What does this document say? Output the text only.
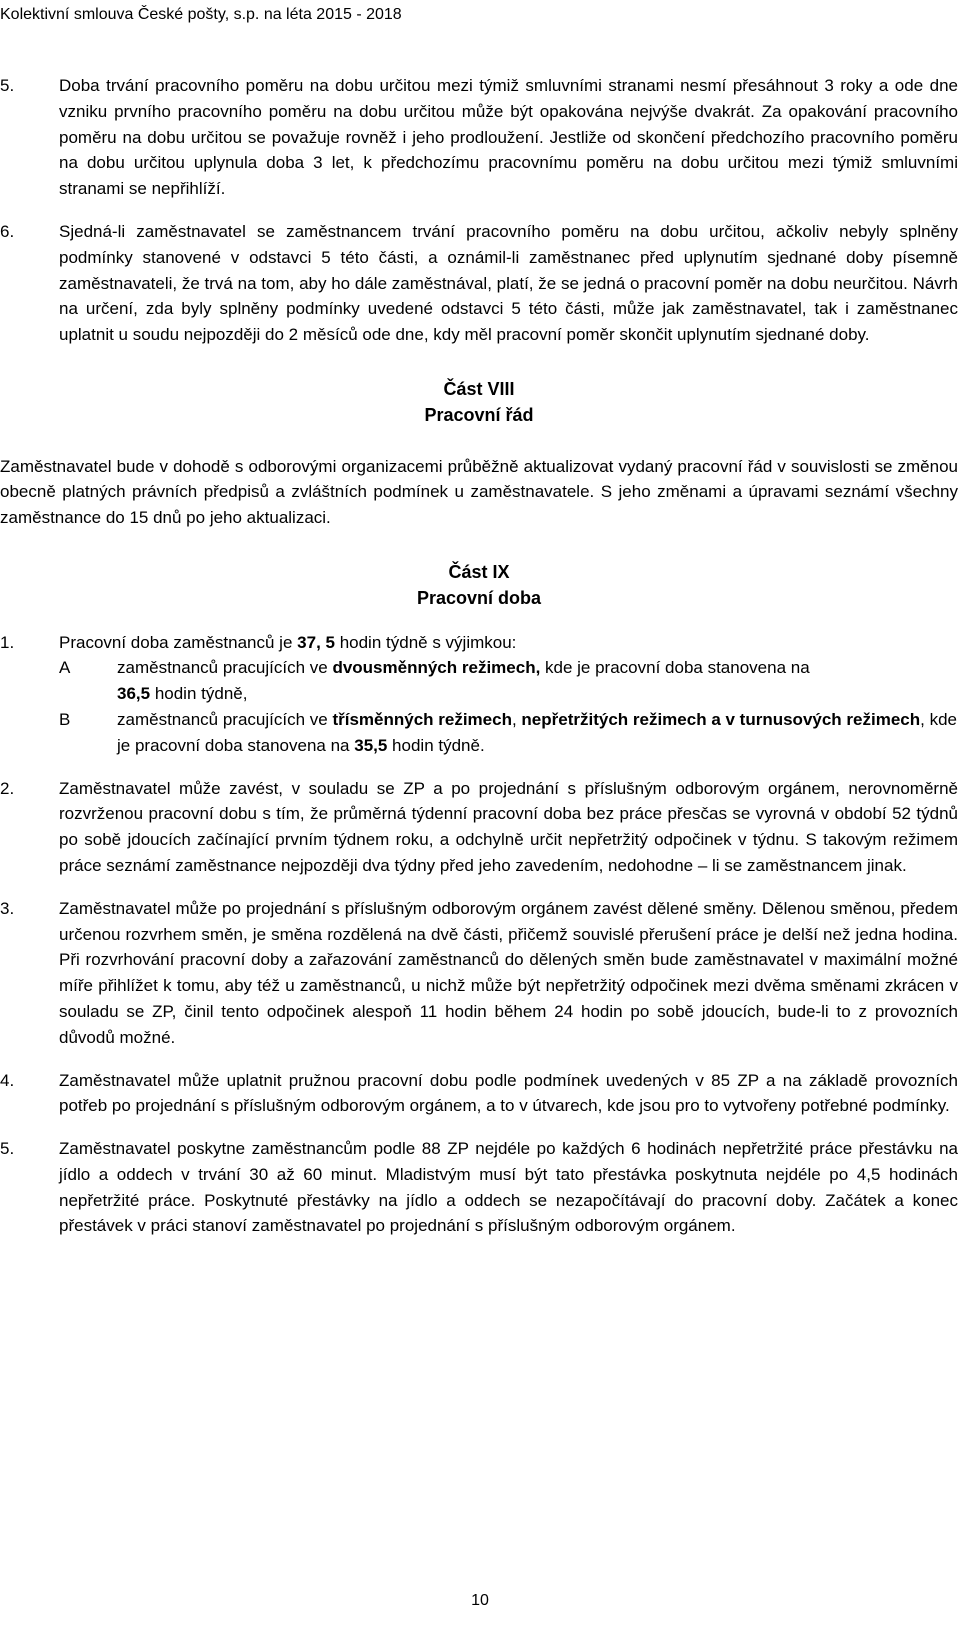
Kolektivní smlouva České pošty, s.p. na léta 2015 - 2018
5.	Doba trvání pracovního poměru na dobu určitou mezi týmiž smluvními stranami nesmí přesáhnout 3 roky a ode dne vzniku prvního pracovního poměru na dobu určitou může být opakována nejvýše dvakrát. Za opakování pracovního poměru na dobu určitou se považuje rovněž i jeho prodloužení. Jestliže od skončení předchozího pracovního poměru na dobu určitou uplynula doba 3 let, k předchozímu pracovnímu poměru na dobu určitou mezi týmiž smluvními stranami se nepřihlíží.
6.	Sjedná-li zaměstnavatel se zaměstnancem trvání pracovního poměru na dobu určitou, ačkoliv nebyly splněny podmínky stanovené v odstavci 5 této části, a oznámil-li zaměstnanec před uplynutím sjednané doby písemně zaměstnavateli, že trvá na tom, aby ho dále zaměstnával, platí, že se jedná o pracovní poměr na dobu neurčitou. Návrh na určení, zda byly splněny podmínky uvedené odstavci 5 této části, může jak zaměstnavatel, tak i zaměstnanec uplatnit u soudu nejpozději do 2 měsíců ode dne, kdy měl pracovní poměr skončit uplynutím sjednané doby.
Část VIII
Pracovní řád
Zaměstnavatel bude v dohodě s odborovými organizacemi průběžně aktualizovat vydaný pracovní řád v souvislosti se změnou obecně platných právních předpisů a zvláštních podmínek u zaměstnavatele. S jeho změnami a úpravami seznámí všechny zaměstnance do 15 dnů po jeho aktualizaci.
Část IX
Pracovní doba
1.	Pracovní doba zaměstnanců je 37, 5 hodin týdně s výjimkou:
A	zaměstnanců pracujících ve dvousměnných režimech, kde je pracovní doba stanovena na
36,5 hodin týdně,
B	zaměstnanců pracujících ve třísměnných režimech, nepřetržitých režimech a v turnusových režimech, kde je pracovní doba stanovena na 35,5 hodin týdně.
2.	Zaměstnavatel může zavést, v souladu se ZP a po projednání s příslušným odborovým orgánem, nerovnoměrně rozvrženou pracovní dobu s tím, že průměrná týdenní pracovní doba bez práce přesčas se vyrovná v období 52 týdnů po sobě jdoucích začínající prvním týdnem roku, a odchylně určit nepřetržitý odpočinek v týdnu. S takovým režimem práce seznámí zaměstnance nejpozději dva týdny před jeho zavedením, nedohodne – li se zaměstnancem jinak.
3.	Zaměstnavatel může po projednání s příslušným odborovým orgánem zavést dělené směny. Dělenou směnou, předem určenou rozvrhem směn, je směna rozdělená na dvě části, přičemž souvislé přerušení práce je delší než jedna hodina. Při rozvrhování pracovní doby a zařazování zaměstnanců do dělených směn bude zaměstnavatel v maximální možné míře přihlížet k tomu, aby též u zaměstnanců, u nichž může být nepřetržitý odpočinek mezi dvěma směnami zkrácen v souladu se ZP, činil tento odpočinek alespoň 11 hodin během 24 hodin po sobě jdoucích, bude-li to z provozních důvodů možné.
4.	Zaměstnavatel může uplatnit pružnou pracovní dobu podle podmínek uvedených v 85 ZP a na základě provozních potřeb po projednání s příslušným odborovým orgánem, a to v útvarech, kde jsou pro to vytvořeny potřebné podmínky.
5.	Zaměstnavatel poskytne zaměstnancům podle 88 ZP nejdéle po každých 6 hodinách nepřetržité práce přestávku na jídlo a oddech v trvání 30 až 60 minut. Mladistvým musí být tato přestávka poskytnuta nejdéle po 4,5 hodinách nepřetržité práce. Poskytnuté přestávky na jídlo a oddech se nezapočítávají do pracovní doby. Začátek a konec přestávek v práci stanoví zaměstnavatel po projednání s příslušným odborovým orgánem.
10
